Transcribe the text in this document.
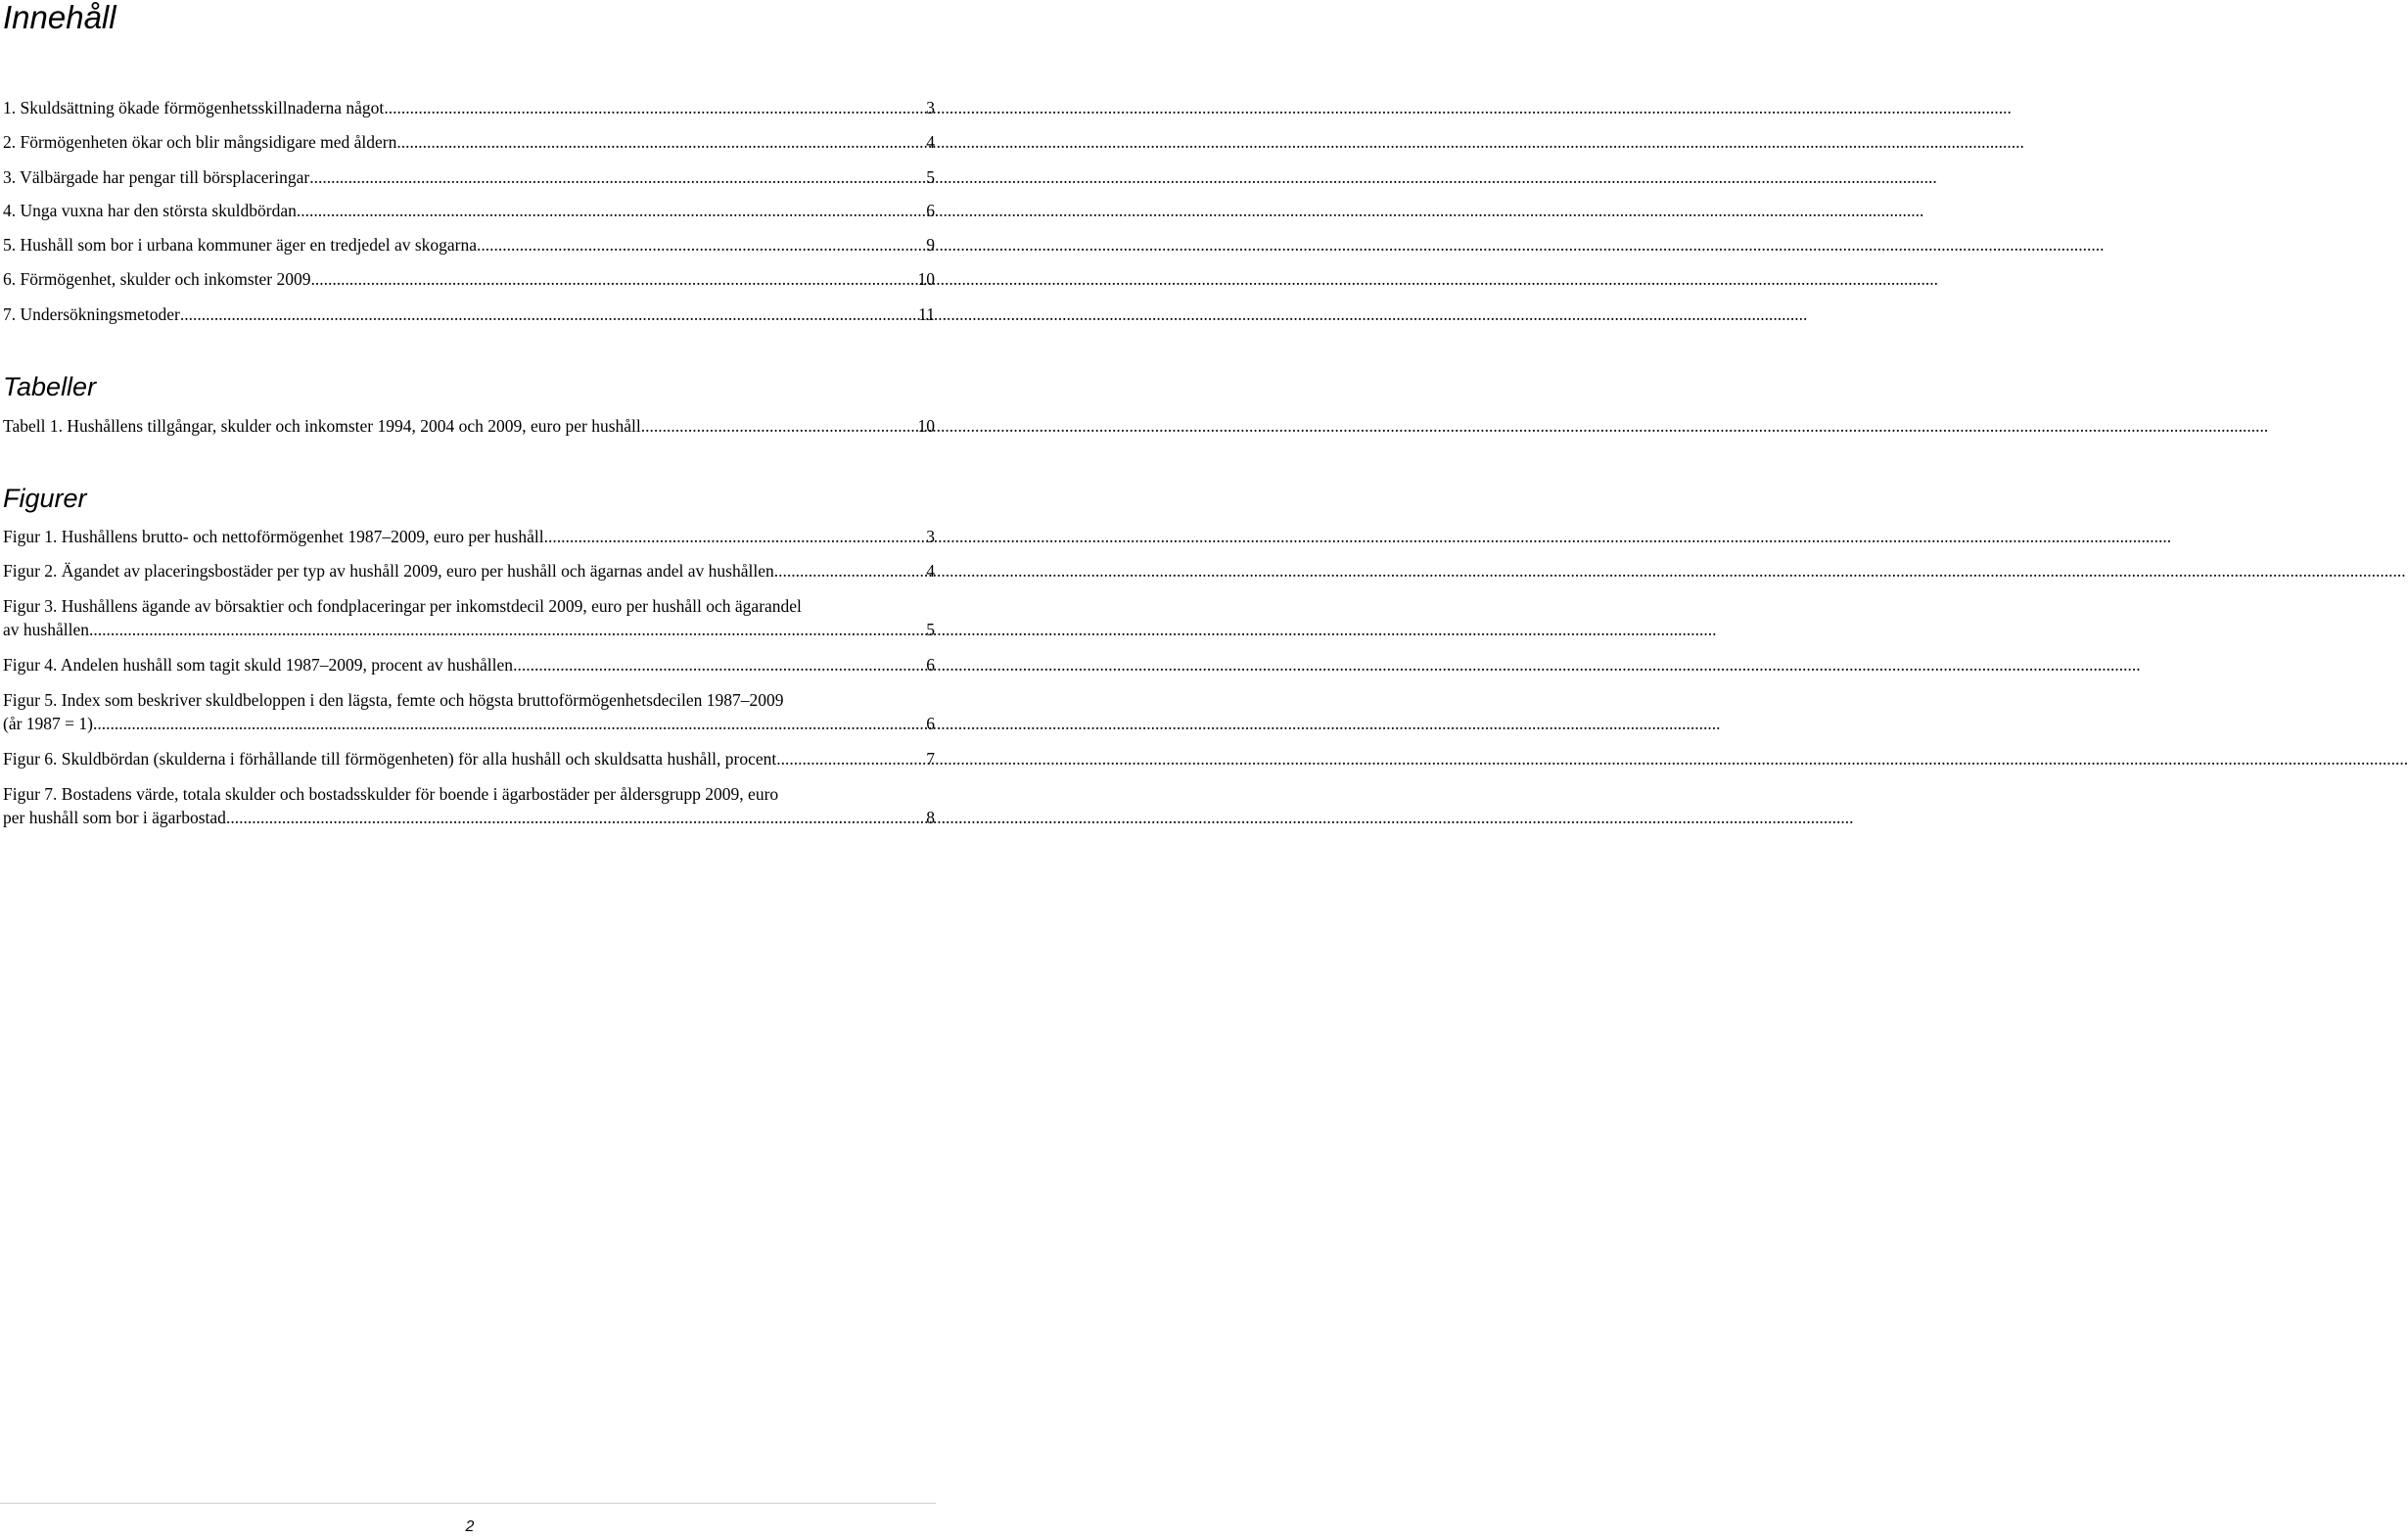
Innehåll
1. Skuldsättning ökade förmögenhetsskillnaderna något .....	3
2. Förmögenheten ökar och blir mångsidigare med åldern .....	4
3. Välbärgade har pengar till börsplaceringar .....	5
4. Unga vuxna har den största skuldbördan .....	6
5. Hushåll som bor i urbana kommuner äger en tredjedel av skogarna .....	9
6. Förmögenhet, skulder och inkomster 2009 .....	10
7. Undersökningsmetoder .....	11
Tabeller
Tabell 1. Hushållens tillgångar, skulder och inkomster 1994, 2004 och 2009, euro per hushåll .....	10
Figurer
Figur 1. Hushållens brutto- och nettoförmögenhet 1987–2009, euro per hushåll .....	3
Figur 2. Ägandet av placeringsbostäder per typ av hushåll 2009, euro per hushåll och ägarnas andel av hushållen. .....	4
Figur 3. Hushållens ägande av börsaktier och fondplaceringar per inkomstdecil 2009, euro per hushåll och ägarandel
av hushållen .....	5
Figur 4. Andelen hushåll som tagit skuld 1987–2009, procent av hushållen .....	6
Figur 5. Index som beskriver skuldbeloppen i den lägsta, femte och högsta bruttoförmögenhetsdecilen 1987–2009
(år 1987 = 1) .....	6
Figur 6. Skuldbördan (skulderna i förhållande till förmögenheten) för alla hushåll och skuldsatta hushåll, procent. .....	7
Figur 7. Bostadens värde, totala skulder och bostadsskulder för boende i ägarbostäder per åldersgrupp 2009, euro
per hushåll som bor i ägarbostad .....	8
2
